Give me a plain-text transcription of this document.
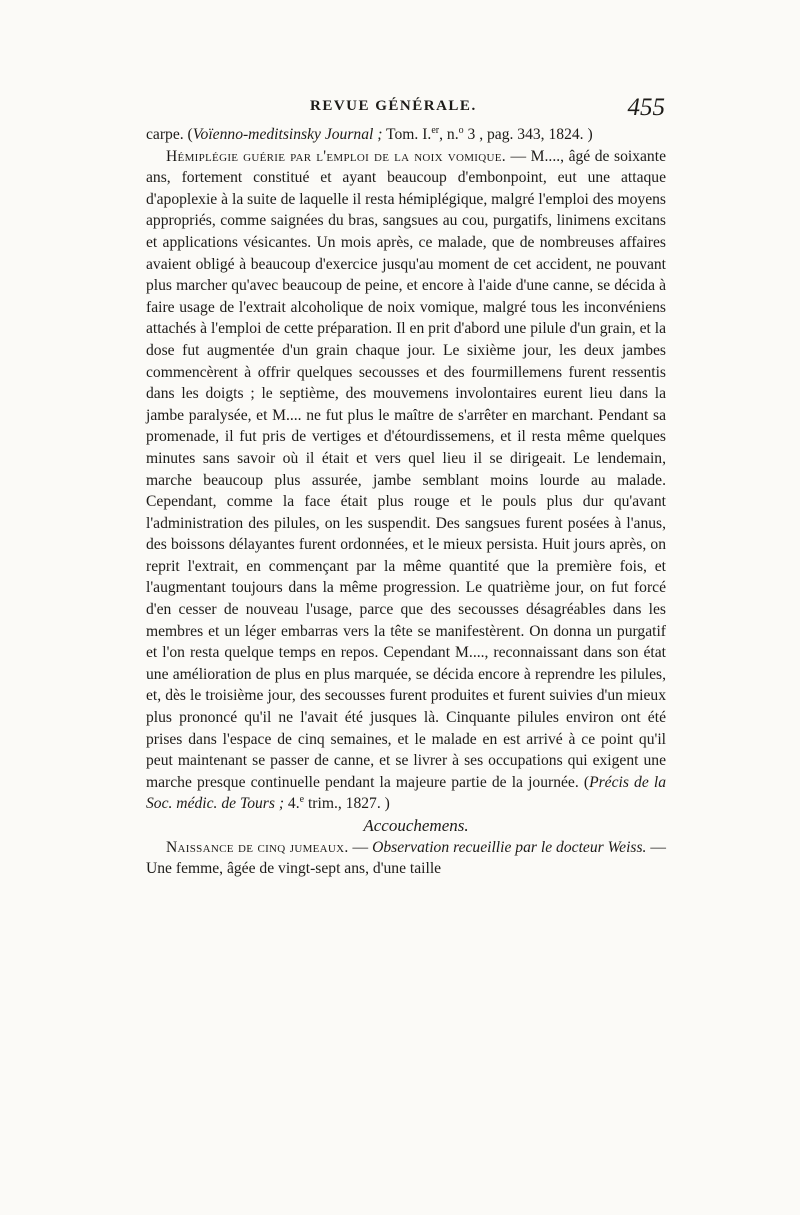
REVUE GÉNÉRALE.	455

carpe. (Voïenno-meditsinsky Journal ; Tom. I.$^{er}$, n.$^o$ 3 , pag. 343, 1824. )

Hémiplégie guérie par l'emploi de la noix vomique. — M...., âgé de soixante ans, fortement constitué et ayant beaucoup d'embonpoint, eut une attaque d'apoplexie à la suite de laquelle il resta hémiplégique, malgré l'emploi des moyens appropriés, comme saignées du bras, sangsues au cou, purgatifs, linimens excitans et applications vésicantes. Un mois après, ce malade, que de nombreuses affaires avaient obligé à beaucoup d'exercice jusqu'au moment de cet accident, ne pouvant plus marcher qu'avec beaucoup de peine, et encore à l'aide d'une canne, se décida à faire usage de l'extrait alcoholique de noix vomique, malgré tous les inconvéniens attachés à l'emploi de cette préparation. Il en prit d'abord une pilule d'un grain, et la dose fut augmentée d'un grain chaque jour. Le sixième jour, les deux jambes commencèrent à offrir quelques secousses et des fourmillemens furent ressentis dans les doigts ; le septième, des mouvemens involontaires eurent lieu dans la jambe paralysée, et M.... ne fut plus le maître de s'arrêter en marchant. Pendant sa promenade, il fut pris de vertiges et d'étourdissemens, et il resta même quelques minutes sans savoir où il était et vers quel lieu il se dirigeait. Le lendemain, marche beaucoup plus assurée, jambe semblant moins lourde au malade. Cependant, comme la face était plus rouge et le pouls plus dur qu'avant l'administration des pilules, on les suspendit. Des sangsues furent posées à l'anus, des boissons délayantes furent ordonnées, et le mieux persista. Huit jours après, on reprit l'extrait, en commençant par la même quantité que la première fois, et l'augmentant toujours dans la même progression. Le quatrième jour, on fut forcé d'en cesser de nouveau l'usage, parce que des secousses désagréables dans les membres et un léger embarras vers la tête se manifestèrent. On donna un purgatif et l'on resta quelque temps en repos. Cependant M...., reconnaissant dans son état une amélioration de plus en plus marquée, se décida encore à reprendre les pilules, et, dès le troisième jour, des secousses furent produites et furent suivies d'un mieux plus prononcé qu'il ne l'avait été jusques là. Cinquante pilules environ ont été prises dans l'espace de cinq semaines, et le malade en est arrivé à ce point qu'il peut maintenant se passer de canne, et se livrer à ses occupations qui exigent une marche presque continuelle pendant la majeure partie de la journée. (Précis de la Soc. médic. de Tours ; 4.$^e$ trim., 1827. )

Accouchemens.

Naissance de cinq jumeaux. — Observation recueillie par le docteur Weiss. — Une femme, âgée de vingt-sept ans, d'une taille
